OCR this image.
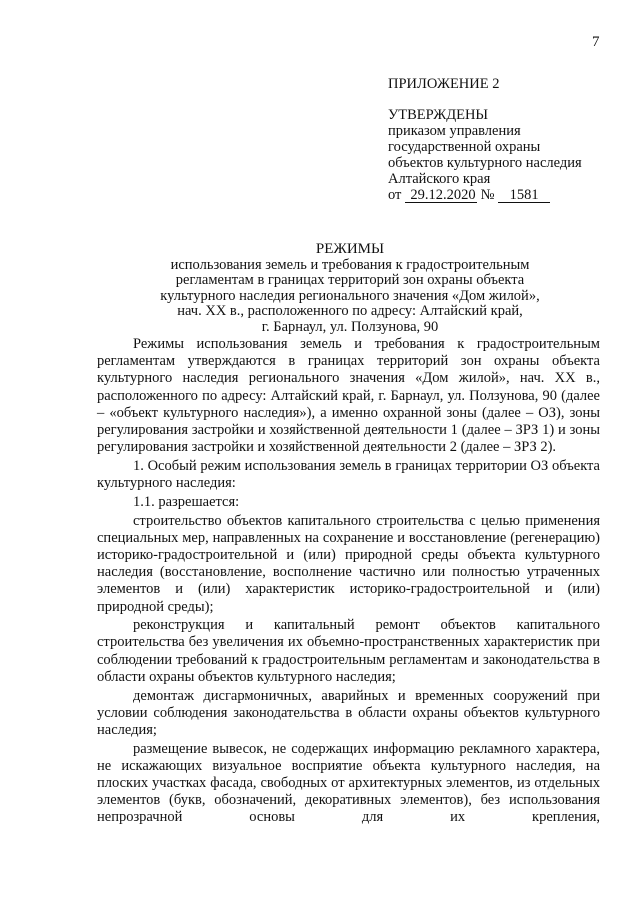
7
ПРИЛОЖЕНИЕ 2
УТВЕРЖДЕНЫ
приказом управления
государственной охраны
объектов культурного наследия
Алтайского края
от 29.12.2020 № 1581
РЕЖИМЫ
использования земель и требования к градостроительным
регламентам в границах территорий зон охраны объекта
культурного наследия регионального значения «Дом жилой»,
нач. XX в., расположенного по адресу: Алтайский край,
г. Барнаул, ул. Ползунова, 90

Режимы использования земель и требования к градостроительным регламентам утверждаются в границах территорий зон охраны объекта культурного наследия регионального значения «Дом жилой», нач. XX в., расположенного по адресу: Алтайский край, г. Барнаул, ул. Ползунова, 90 (далее – «объект культурного наследия»), а именно охранной зоны (далее – ОЗ), зоны регулирования застройки и хозяйственной деятельности 1 (далее – ЗРЗ 1) и зоны регулирования застройки и хозяйственной деятельности 2 (далее – ЗРЗ 2).

1. Особый режим использования земель в границах территории ОЗ объекта культурного наследия:

1.1. разрешается:

строительство объектов капитального строительства с целью применения специальных мер, направленных на сохранение и восстановление (регенерацию) историко-градостроительной и (или) природной среды объекта культурного наследия (восстановление, восполнение частично или полностью утраченных элементов и (или) характеристик историко-градостроительной и (или) природной среды);

реконструкция и капитальный ремонт объектов капитального строительства без увеличения их объемно-пространственных характеристик при соблюдении требований к градостроительным регламентам и законодательства в области охраны объектов культурного наследия;

демонтаж дисгармоничных, аварийных и временных сооружений при условии соблюдения законодательства в области охраны объектов культурного наследия;

размещение вывесок, не содержащих информацию рекламного характера, не искажающих визуальное восприятие объекта культурного наследия, на плоских участках фасада, свободных от архитектурных элементов, из отдельных элементов (букв, обозначений, декоративных элементов), без использования непрозрачной основы для их крепления,
